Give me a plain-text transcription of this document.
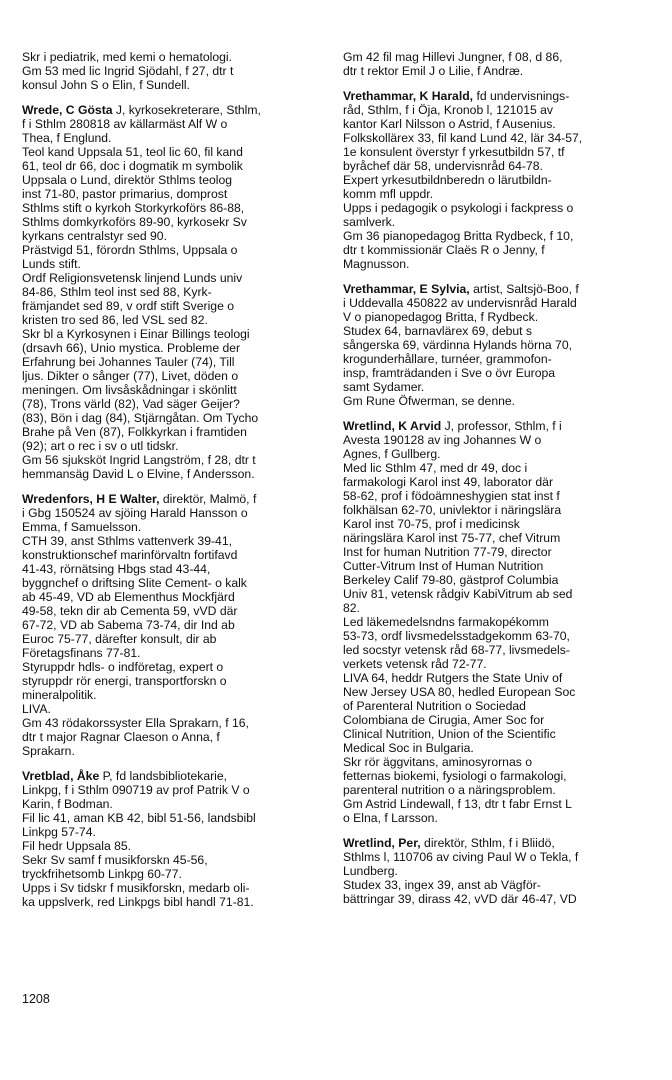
Skr i pediatrik, med kemi o hematologi.

Gm 53 med lic Ingrid Sjödahl, f 27, dtr t

konsul John S o Elin, f Sundell.

Wrede, C Gösta J, kyrkosekreterare, Sthlm,

f i Sthlm 280818 av källarmäst Alf W o

Thea, f Englund.

Teol kand Uppsala 51, teol lic 60, fil kand

61, teol dr 66, doc i dogmatik m symbolik

Uppsala o Lund, direktör Sthlms teolog

inst 71-80, pastor primarius, domprost

Sthlms stift o kyrkoh Storkyrkoförs 86-88,

Sthlms domkyrkoförs 89-90, kyrkosekr Sv

kyrkans centralstyr sed 90.

Prästvigd 51, förordn Sthlms, Uppsala o

Lunds stift.

Ordf Religionsvetensk linjend Lunds univ

84-86, Sthlm teol inst sed 88, Kyrk-

främjandet sed 89, v ordf stift Sverige o

kristen tro sed 86, led VSL sed 82.

Skr bl a Kyrkosynen i Einar Billings teologi

(drsavh 66), Unio mystica. Probleme der

Erfahrung bei Johannes Tauler (74), Till

ljus. Dikter o sånger (77), Livet, döden o

meningen. Om livsåskådningar i skönlitt

(78), Trons värld (82), Vad säger Geijer?

(83), Bön i dag (84), Stjärngåtan. Om Tycho

Brahe på Ven (87), Folkkyrkan i framtiden

(92); art o rec i sv o utl tidskr.

Gm 56 sjuksköt Ingrid Langström, f 28, dtr t

hemmansäg David L o Elvine, f Andersson.

Wredenfors, H E Walter, direktör, Malmö, f

i Gbg 150524 av sjöing Harald Hansson o

Emma, f Samuelsson.

CTH 39, anst Sthlms vattenverk 39-41,

konstruktionschef marinförvaltn fortifavd

41-43, rörnätsing Hbgs stad 43-44,

byggnchef o driftsing Slite Cement- o kalk

ab 45-49, VD ab Elementhus Mockfjärd

49-58, tekn dir ab Cementa 59, vVD där

67-72, VD ab Sabema 73-74, dir Ind ab

Euroc 75-77, därefter konsult, dir ab

Företagsfinans 77-81.

Styruppdr hdls- o indföretag, expert o

styruppdr rör energi, transportforskn o

mineralpolitik.

LIVA.

Gm 43 rödakorssyster Ella Sprakarn, f 16,

dtr t major Ragnar Claeson o Anna, f

Sprakarn.

Vretblad, Åke P, fd landsbibliotekarie,

Linkpg, f i Sthlm 090719 av prof Patrik V o

Karin, f Bodman.

Fil lic 41, aman KB 42, bibl 51-56, landsbibl

Linkpg 57-74.

Fil hedr Uppsala 85.

Sekr Sv samf f musikforskn 45-56,

tryckfrihetsomb Linkpg 60-77.

Upps i Sv tidskr f musikforskn, medarb oli-

ka uppslverk, red Linkpgs bibl handl 71-81.

Gm 42 fil mag Hillevi Jungner, f 08, d 86,

dtr t rektor Emil J o Lilie, f Andræ.

Vrethammar, K Harald, fd undervisnings-

råd, Sthlm, f i Öja, Kronob l, 121015 av

kantor Karl Nilsson o Astrid, f Ausenius.

Folkskollärex 33, fil kand Lund 42, lär 34-57,

1e konsulent överstyr f yrkesutbildn 57, tf

byråchef där 58, undervisnråd 64-78.

Expert yrkesutbildnberedn o lärutbildn-

komm mfl uppdr.

Upps i pedagogik o psykologi i fackpress o

samlverk.

Gm 36 pianopedagog Britta Rydbeck, f 10,

dtr t kommissionär Claës R o Jenny, f

Magnusson.

Vrethammar, E Sylvia, artist, Saltsjö-Boo, f

i Uddevalla 450822 av undervisnråd Harald

V o pianopedagog Britta, f Rydbeck.

Studex 64, barnavlärex 69, debut s

sångerska 69, värdinna Hylands hörna 70,

krogunderhållare, turnéer, grammofon-

insp, framträdanden i Sve o övr Europa

samt Sydamer.

Gm Rune Öfwerman, se denne.

Wretlind, K Arvid J, professor, Sthlm, f i

Avesta 190128 av ing Johannes W o

Agnes, f Gullberg.

Med lic Sthlm 47, med dr 49, doc i

farmakologi Karol inst 49, laborator där

58-62, prof i födoämneshygien stat inst f

folkhälsan 62-70, univlektor i näringslära

Karol inst 70-75, prof i medicinsk

näringslära Karol inst 75-77, chef Vitrum

Inst for human Nutrition 77-79, director

Cutter-Vitrum Inst of Human Nutrition

Berkeley Calif 79-80, gästprof Columbia

Univ 81, vetensk rådgiv KabiVitrum ab sed

82.

Led läkemedelsndns farmakopékomm

53-73, ordf livsmedelsstadgekomm 63-70,

led socstyr vetensk råd 68-77, livsmedels-

verkets vetensk råd 72-77.

LIVA 64, heddr Rutgers the State Univ of

New Jersey USA 80, hedled European Soc

of Parenteral Nutrition o Sociedad

Colombiana de Cirugia, Amer Soc for

Clinical Nutrition, Union of the Scientific

Medical Soc in Bulgaria.

Skr rör äggvitans, aminosyrornas o

fetternas biokemi, fysiologi o farmakologi,

parenteral nutrition o a näringsproblem.

Gm Astrid Lindewall, f 13, dtr t fabr Ernst L

o Elna, f Larsson.

Wretlind, Per, direktör, Sthlm, f i Bliidö,

Sthlms l, 110706 av civing Paul W o Tekla, f

Lundberg.

Studex 33, ingex 39, anst ab Vägför-

bättringar 39, dirass 42, vVD där 46-47, VD

1208
